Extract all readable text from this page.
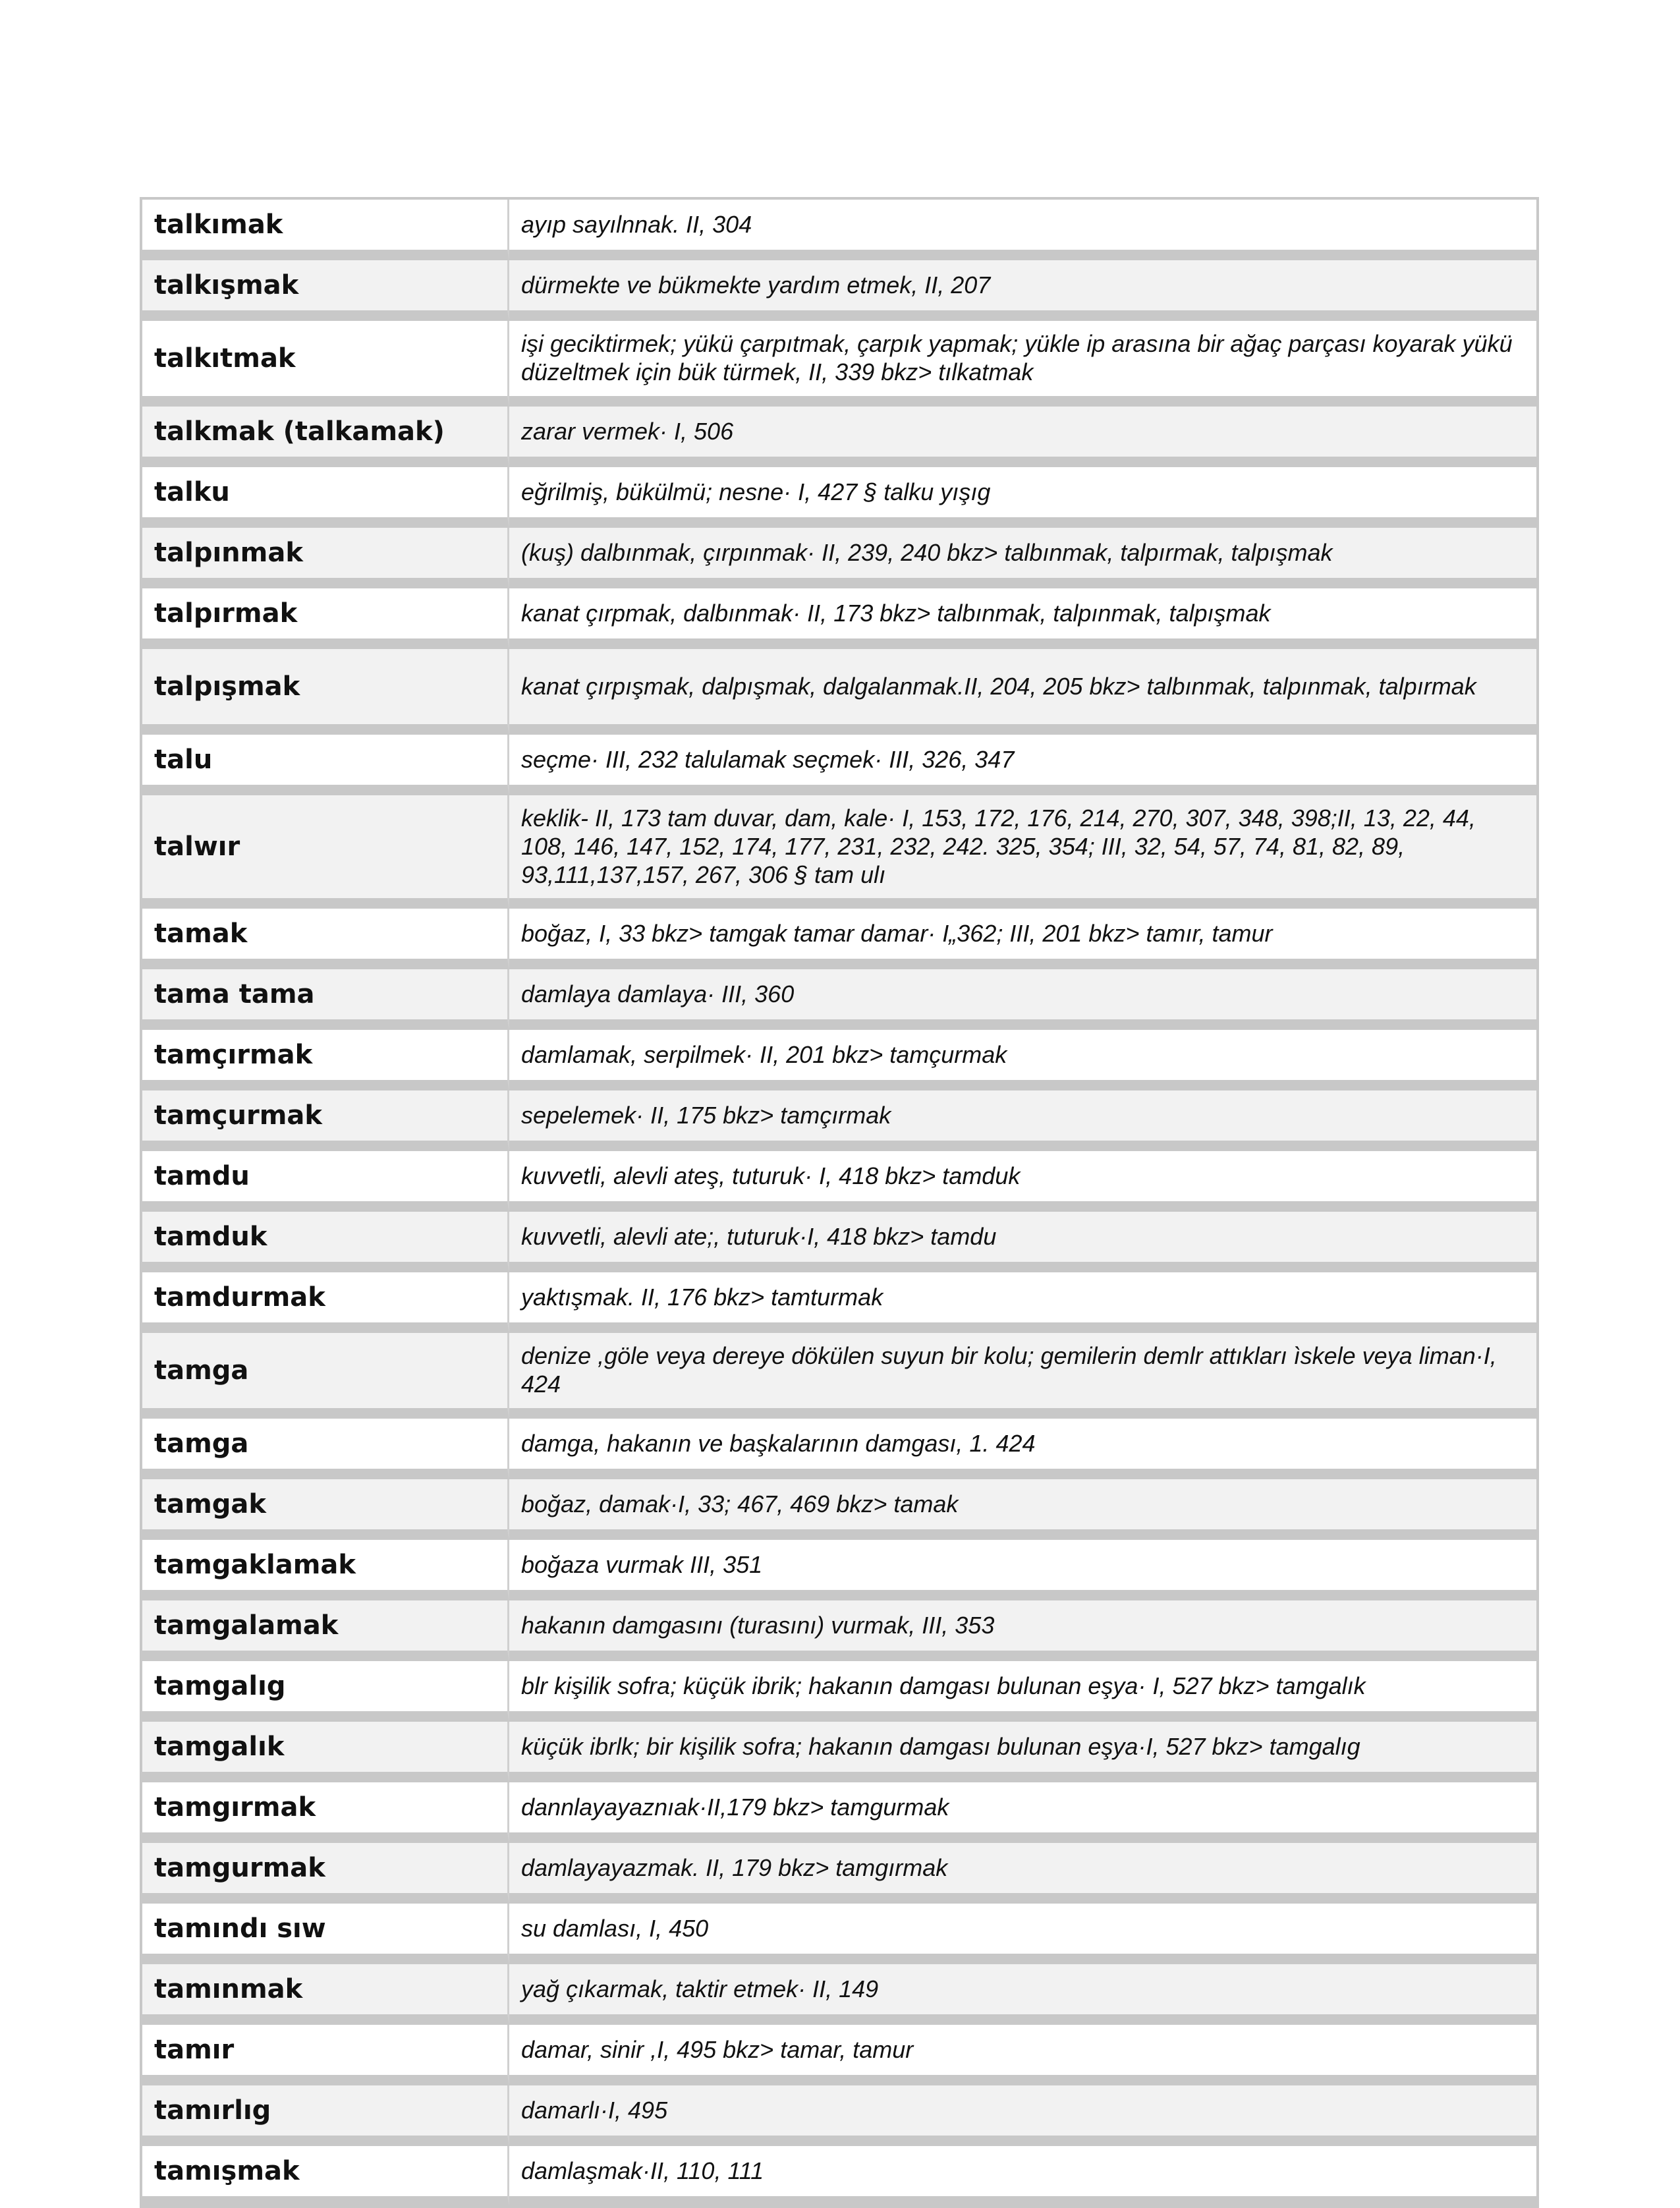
talkımak	ayıp sayılnnak. II, 304
talkışmak	dürmekte ve bükmekte yardım etmek, II, 207
talkıtmak	işi geciktirmek; yükü çarpıtmak, çarpık yapmak; yükle ip arasına bir ağaç parçası koyarak yükü düzeltmek için bük türmek, II, 339 bkz> tılkatmak
talkmak (talkamak)	zarar vermek· I, 506
talku	eğrilmiş, bükülmü; nesne· I, 427 § talku yışıg
talpınmak	(kuş) dalbınmak, çırpınmak· II, 239, 240 bkz> talbınmak, talpırmak, talpışmak
talpırmak	kanat çırpmak, dalbınmak· II, 173 bkz> talbınmak, talpınmak, talpışmak
talpışmak	kanat çırpışmak, dalpışmak, dalgalanmak.II, 204, 205 bkz> talbınmak, talpınmak, talpırmak
talu	seçme· III, 232 talulamak seçmek· III, 326, 347
talwır	keklik- II, 173 tam duvar, dam, kale· I, 153, 172, 176, 214, 270, 307, 348, 398;II, 13, 22, 44, 108, 146, 147, 152, 174, 177, 231, 232, 242. 325, 354; III, 32, 54, 57, 74, 81, 82, 89, 93,111,137,157, 267, 306 § tam ulı
tamak	boğaz, I, 33 bkz> tamgak tamar damar· I„362; III, 201 bkz> tamır, tamur
tama tama	damlaya damlaya· III, 360
tamçırmak	damlamak, serpilmek· II, 201 bkz> tamçurmak
tamçurmak	sepelemek· II, 175 bkz> tamçırmak
tamdu	kuvvetli, alevli ateş, tuturuk· I, 418 bkz> tamduk
tamduk	kuvvetli, alevli ate;, tuturuk·I, 418 bkz> tamdu
tamdurmak	yaktışmak. II, 176 bkz> tamturmak
tamga	denize ,göle veya dereye dökülen suyun bir kolu; gemilerin demlr attıkları ìskele veya liman·I, 424
tamga	damga, hakanın ve başkalarının damgası, 1. 424
tamgak	boğaz, damak·I, 33; 467, 469 bkz> tamak
tamgaklamak	boğaza vurmak III, 351
tamgalamak	hakanın damgasını (turasını) vurmak, III, 353
tamgalıg	blr kişilik sofra; küçük ibrik; hakanın damgası bulunan eşya· I, 527 bkz> tamgalık
tamgalık	küçük ibrlk; bir kişilik sofra; hakanın damgası bulunan eşya·I, 527 bkz> tamgalıg
tamgırmak	dannlayayaznıak·II,179 bkz> tamgurmak
tamgurmak	damlayayazmak. II, 179 bkz> tamgırmak
tamındı sıw	su damlası, I, 450
tamınmak	yağ çıkarmak, taktir etmek· II, 149
tamır	damar, sinir ,I, 495 bkz> tamar, tamur
tamırlıg	damarlı·I, 495
tamışmak	damlaşmak·II, 110, 111
